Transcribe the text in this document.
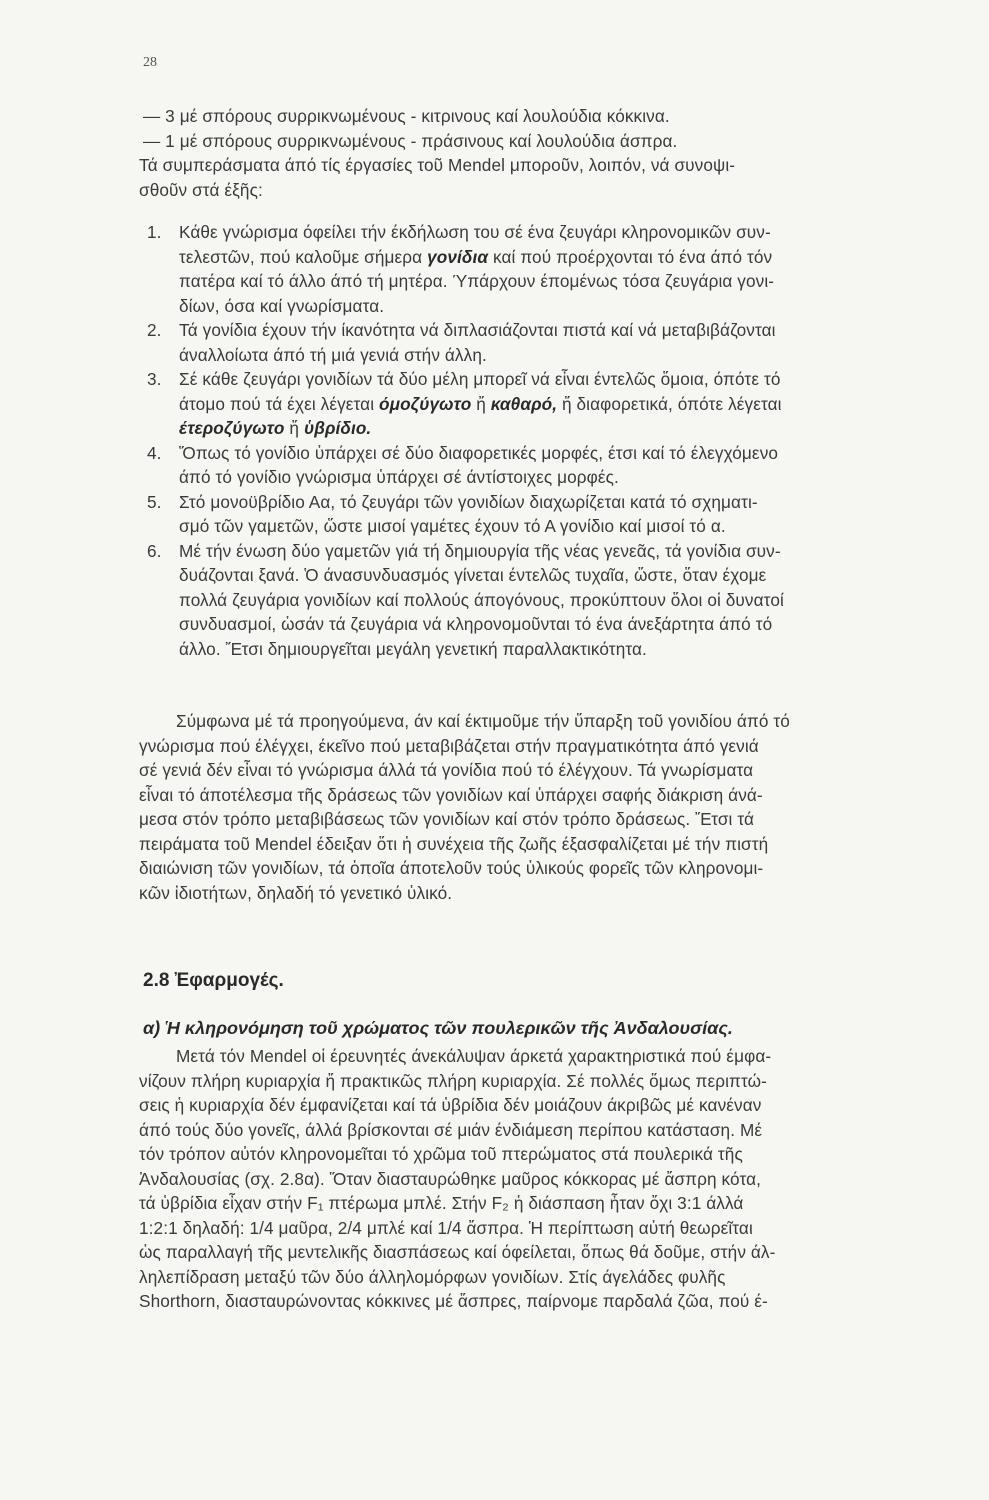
28
— 3 μέ σπόρους συρρικνωμένους - κιτρινους καί λουλούδια κόκκινα.
— 1 μέ σπόρους συρρικνωμένους - πράσινους καί λουλούδια άσπρα.
Τά συμπεράσματα άπό τίς έργασίες τοῦ Mendel μποροῦν, λοιπόν, νά συνοψι-
σθοῦν στά έξῆς:
1. Κάθε γνώρισμα όφείλει τήν έκδήλωση του σέ ένα ζευγάρι κληρονομικῶν συν-
τελεστῶν, πού καλοῦμε σήμερα γονίδια καί πού προέρχονται τό ένα άπό τόν
πατέρα καί τό άλλο άπό τή μητέρα. Ύπάρχουν έπομένως τόσα ζευγάρια γονι-
δίων, όσα καί γνωρίσματα.
2. Τά γονίδια έχουν τήν ίκανότητα νά διπλασιάζονται πιστά καί νά μεταβιβάζονται
άναλλοίωτα άπό τή μιά γενιά στήν άλλη.
3. Σέ κάθε ζευγάρι γονιδίων τά δύο μέλη μπορεῖ νά εἶναι έντελῶς ὅμοια, όπότε τό
άτομο πού τά έχει λέγεται όμοζύγωτο ἤ καθαρό, ἤ διαφορετικά, όπότε λέγεται
έτεροζύγωτο ἤ ὑβρίδιο.
4. Ὅπως τό γονίδιο ὑπάρχει σέ δύο διαφορετικές μορφές, έτσι καί τό έλεγχόμενο
άπό τό γονίδιο γνώρισμα ὑπάρχει σέ άντίστοιχες μορφές.
5. Στό μονοϋβρίδιο Αα, τό ζευγάρι τῶν γονιδίων διαχωρίζεται κατά τό σχηματι-
σμό τῶν γαμετῶν, ὥστε μισοί γαμέτες έχουν τό Α γονίδιο καί μισοί τό α.
6. Μέ τήν ένωση δύο γαμετῶν γιά τή δημιουργία τῆς νέας γενεᾶς, τά γονίδια συν-
δυάζονται ξανά. Ὁ άνασυνδυασμός γίνεται έντελῶς τυχαῖα, ὥστε, ὅταν έχομε
πολλά ζευγάρια γονιδίων καί πολλούς άπογόνους, προκύπτουν ὅλοι οἱ δυνατοί
συνδυασμοί, ὡσάν τά ζευγάρια νά κληρονομοῦνται τό ένα άνεξάρτητα άπό τό
άλλο. Ἔτσι δημιουργεῖται μεγάλη γενετική παραλλακτικότητα.
Σύμφωνα μέ τά προηγούμενα, άν καί έκτιμοῦμε τήν ὕπαρξη τοῦ γονιδίου άπό τό
γνώρισμα πού έλέγχει, έκεῖνο πού μεταβιβάζεται στήν πραγματικότητα άπό γενιά
σέ γενιά δέν εἶναι τό γνώρισμα άλλά τά γονίδια πού τό έλέγχουν. Τά γνωρίσματα
εἶναι τό άποτέλεσμα τῆς δράσεως τῶν γονιδίων καί ὑπάρχει σαφής διάκριση άνά-
μεσα στόν τρόπο μεταβιβάσεως τῶν γονιδίων καί στόν τρόπο δράσεως. Ἔτσι τά
πειράματα τοῦ Mendel έδειξαν ὅτι ἡ συνέχεια τῆς ζωῆς έξασφαλίζεται μέ τήν πιστή
διαιώνιση τῶν γονιδίων, τά ὁποῖα άποτελοῦν τούς ὑλικούς φορεῖς τῶν κληρονομι-
κῶν ἰδιοτήτων, δηλαδή τό γενετικό ὑλικό.
2.8 Ἐφαρμογές.
α) Ἡ κληρονόμηση τοῦ χρώματος τῶν πουλερικῶν τῆς Ἀνδαλουσίας.
Μετά τόν Mendel οἱ έρευνητές άνεκάλυψαν άρκετά χαρακτηριστικά πού έμφα-
νίζουν πλήρη κυριαρχία ἤ πρακτικῶς πλήρη κυριαρχία. Σέ πολλές ὅμως περιπτώ-
σεις ἡ κυριαρχία δέν έμφανίζεται καί τά ὑβρίδια δέν μοιάζουν άκριβῶς μέ κανέναν
άπό τούς δύο γονεῖς, άλλά βρίσκονται σέ μιάν ένδιάμεση περίπου κατάσταση. Μέ
τόν τρόπον αὐτόν κληρονομεῖται τό χρῶμα τοῦ πτερώματος στά πουλερικά τῆς
Ἀνδαλουσίας (σχ. 2.8α). Ὅταν διασταυρώθηκε μαῦρος κόκκορας μέ ἄσπρη κότα,
τά ὑβρίδια εἶχαν στήν F₁ πτέρωμα μπλέ. Στήν F₂ ἡ διάσπαση ἦταν ὄχι 3:1 άλλά
1:2:1 δηλαδή: 1/4 μαῦρα, 2/4 μπλέ καί 1/4 ἄσπρα. Ἡ περίπτωση αὐτή θεωρεῖται
ὡς παραλλαγή τῆς μεντελικῆς διασπάσεως καί όφείλεται, ὅπως θά δοῦμε, στήν άλ-
ληλεπίδραση μεταξύ τῶν δύο άλληλομόρφων γονιδίων. Στίς άγελάδες φυλῆς
Shorthorn, διασταυρώνοντας κόκκινες μέ ἄσπρες, παίρνομε παρδαλά ζῶα, πού έ-
